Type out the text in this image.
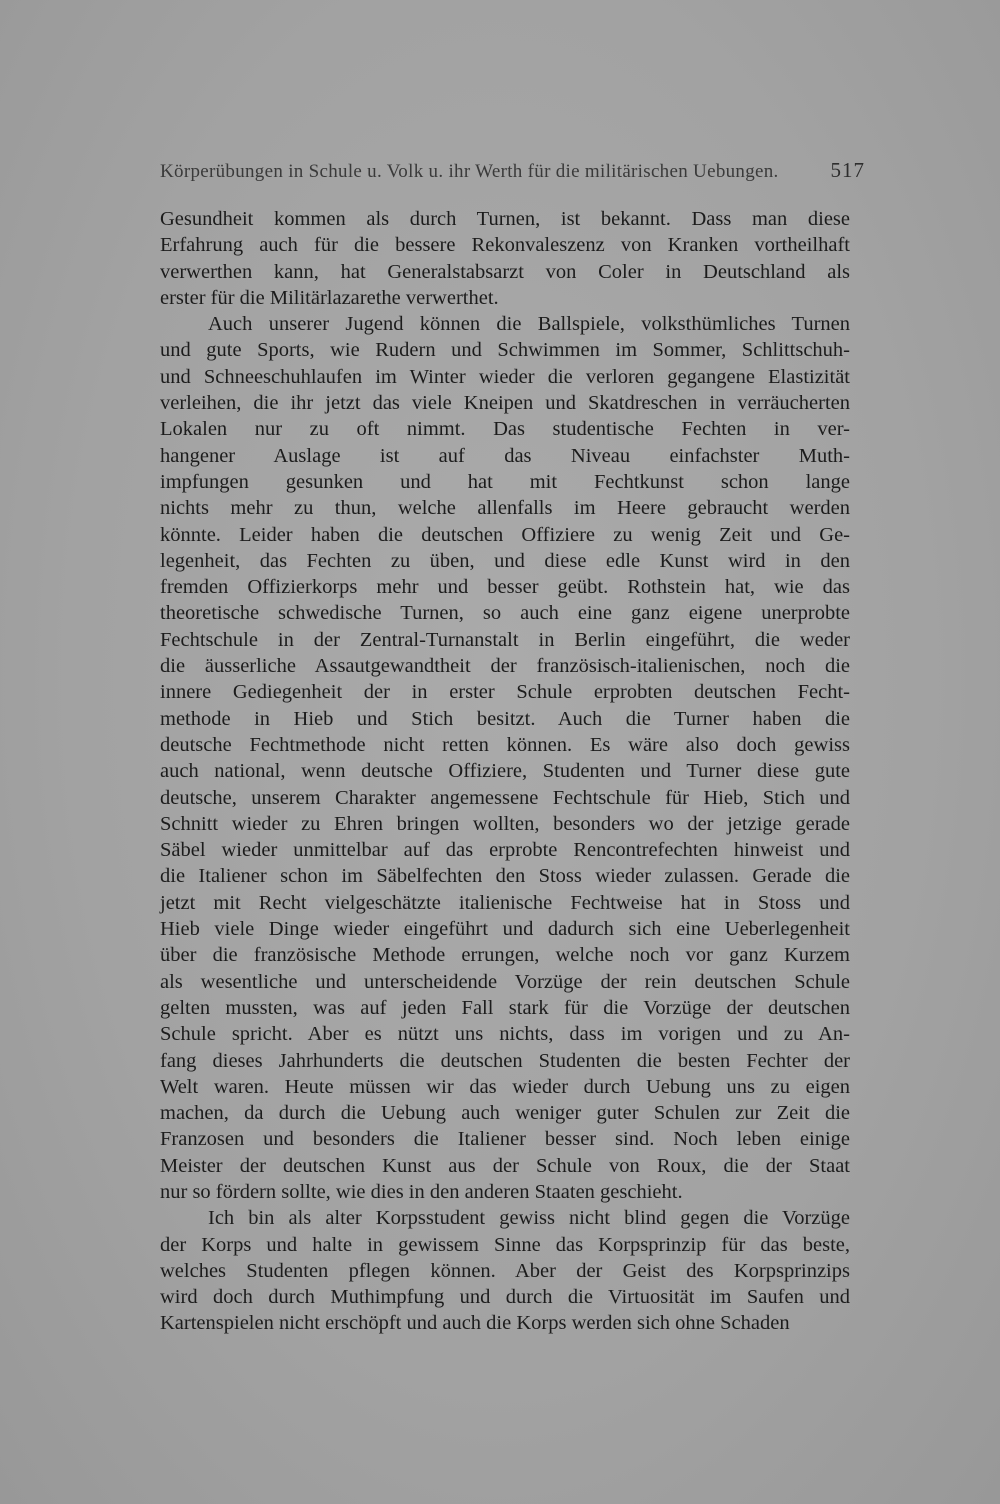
Körperübungen in Schule u. Volk u. ihr Werth für die militärischen Uebungen. 517
Gesundheit kommen als durch Turnen, ist bekannt. Dass man diese
Erfahrung auch für die bessere Rekonvaleszenz von Kranken vortheilhaft
verwerthen kann, hat Generalstabsarzt von Coler in Deutschland als
erster für die Militärlazarethe verwerthet.
Auch unserer Jugend können die Ballspiele, volksthümliches Turnen
und gute Sports, wie Rudern und Schwimmen im Sommer, Schlittschuh-
und Schneeschuhlaufen im Winter wieder die verloren gegangene Elastizität
verleihen, die ihr jetzt das viele Kneipen und Skatdreschen in verräucherten
Lokalen nur zu oft nimmt. Das studentische Fechten in ver-
hangener Auslage ist auf das Niveau einfachster Muth-
impfungen gesunken und hat mit Fechtkunst schon lange
nichts mehr zu thun, welche allenfalls im Heere gebraucht werden
könnte. Leider haben die deutschen Offiziere zu wenig Zeit und Ge-
legenheit, das Fechten zu üben, und diese edle Kunst wird in den
fremden Offizierkorps mehr und besser geübt. Rothstein hat, wie das
theoretische schwedische Turnen, so auch eine ganz eigene unerprobte
Fechtschule in der Zentral-Turnanstalt in Berlin eingeführt, die weder
die äusserliche Assautgewandtheit der französisch-italienischen, noch die
innere Gediegenheit der in erster Schule erprobten deutschen Fecht-
methode in Hieb und Stich besitzt. Auch die Turner haben die
deutsche Fechtmethode nicht retten können. Es wäre also doch gewiss
auch national, wenn deutsche Offiziere, Studenten und Turner diese gute
deutsche, unserem Charakter angemessene Fechtschule für Hieb, Stich und
Schnitt wieder zu Ehren bringen wollten, besonders wo der jetzige gerade
Säbel wieder unmittelbar auf das erprobte Rencontrefechten hinweist und
die Italiener schon im Säbelfechten den Stoss wieder zulassen. Gerade die
jetzt mit Recht vielgeschätzte italienische Fechtweise hat in Stoss und
Hieb viele Dinge wieder eingeführt und dadurch sich eine Ueberlegenheit
über die französische Methode errungen, welche noch vor ganz Kurzem
als wesentliche und unterscheidende Vorzüge der rein deutschen Schule
gelten mussten, was auf jeden Fall stark für die Vorzüge der deutschen
Schule spricht. Aber es nützt uns nichts, dass im vorigen und zu An-
fang dieses Jahrhunderts die deutschen Studenten die besten Fechter der
Welt waren. Heute müssen wir das wieder durch Uebung uns zu eigen
machen, da durch die Uebung auch weniger guter Schulen zur Zeit die
Franzosen und besonders die Italiener besser sind. Noch leben einige
Meister der deutschen Kunst aus der Schule von Roux, die der Staat
nur so fördern sollte, wie dies in den anderen Staaten geschieht.
Ich bin als alter Korpsstudent gewiss nicht blind gegen die Vorzüge
der Korps und halte in gewissem Sinne das Korpsprinzip für das beste,
welches Studenten pflegen können. Aber der Geist des Korpsprinzips
wird doch durch Muthimpfung und durch die Virtuosität im Saufen und
Kartenspielen nicht erschöpft und auch die Korps werden sich ohne Schaden
